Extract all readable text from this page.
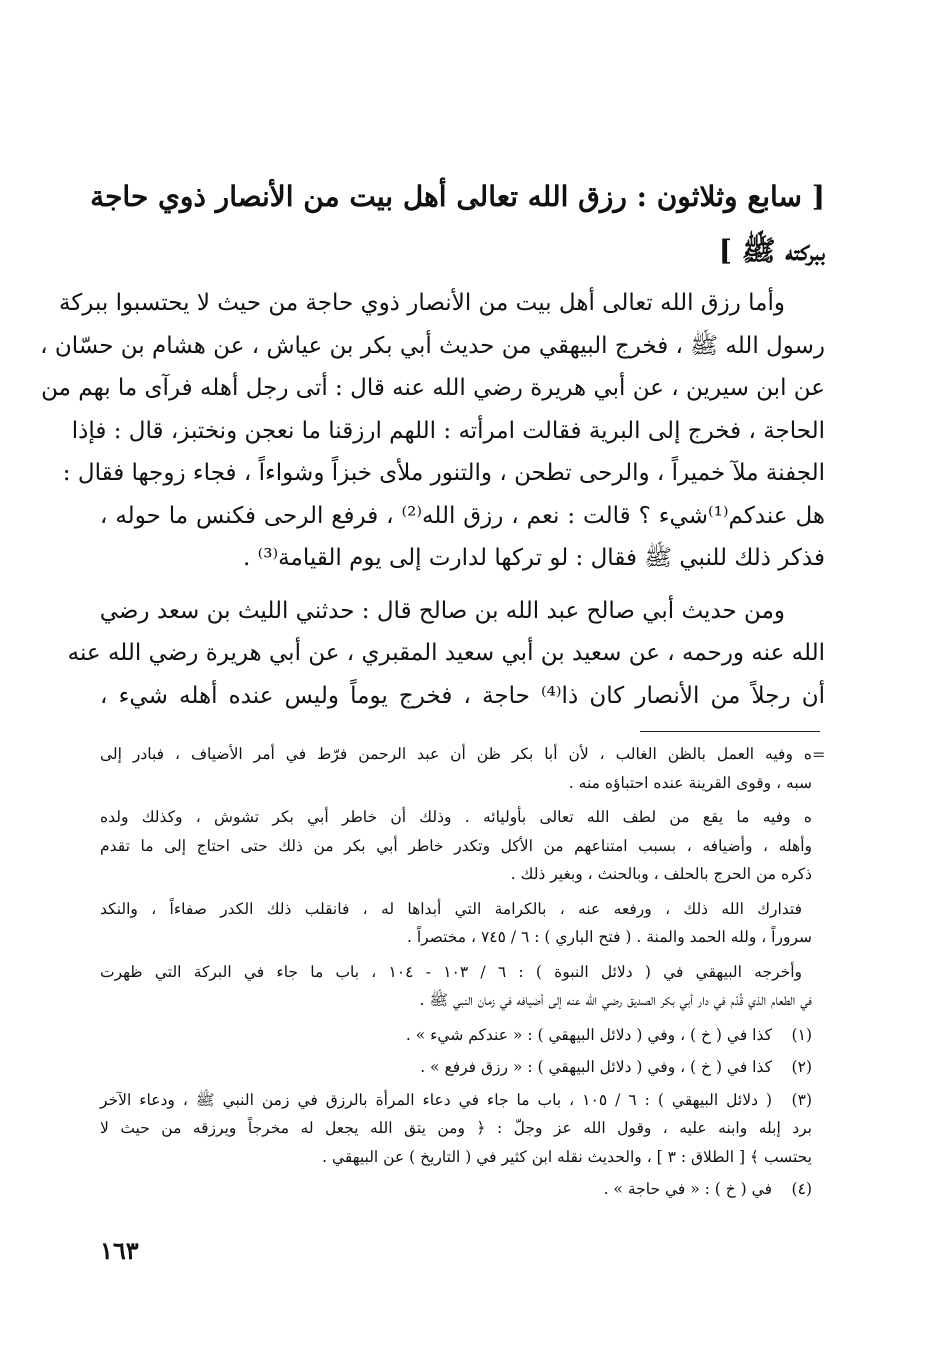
[ سابع وثلاثون : رزق الله تعالى أهل بيت من الأنصار ذوي حاجة
ببركته ﷺ ]

وأما رزق الله تعالى أهل بيت من الأنصار ذوي حاجة من حيث لا يحتسبوا ببركة
رسول الله ﷺ ، فخرج البيهقي من حديث أبي بكر بن عياش ، عن هشام بن حسّان ،
عن ابن سيرين ، عن أبي هريرة رضي الله عنه قال : أتى رجل أهله فرآى ما بهم من
الحاجة ، فخرج إلى البرية فقالت امرأته : اللهم ارزقنا ما نعجن ونختبز، قال : فإذا
الجفنة ملآ خميراً ، والرحى تطحن ، والتنور ملأى خبزاً وشواءاً ، فجاء زوجها فقال :
هل عندكم⁽¹⁾شيء ؟ قالت : نعم ، رزق الله⁽²⁾ ، فرفع الرحى فكنس ما حوله ،
فذكر ذلك للنبي ﷺ فقال : لو تركها لدارت إلى يوم القيامة⁽³⁾ .

ومن حديث أبي صالح عبد الله بن صالح قال : حدثني الليث بن سعد رضي
الله عنه ورحمه ، عن سعيد بن أبي سعيد المقبري ، عن أبي هريرة رضي الله عنه
أن رجلاً من الأنصار كان ذا⁽⁴⁾ حاجة ، فخرج يوماً وليس عنده أهله شيء ،

=
ه وفيه العمل بالظن الغالب ، لأن أبا بكر ظن أن عبد الرحمن فرّط في أمر الأضياف ، فبادر إلى
سبه ، وقوى القرينة عنده احتباؤه منه .
ه وفيه ما يقع من لطف الله تعالى بأوليائه . وذلك أن خاطر أبي بكر تشوش ، وكذلك ولده
وأهله ، وأضيافه ، بسبب امتناعهم من الأكل وتكدر خاطر أبي بكر من ذلك حتى احتاج إلى ما تقدم
ذكره من الحرج بالحلف ، وبالحنث ، وبغير ذلك .
فتدارك الله ذلك ، ورفعه عنه ، بالكرامة التي أبداها له ، فانقلب ذلك الكدر صفاءاً ، والنكد
سروراً ، ولله الحمد والمنة . ( فتح الباري ) : ٦ / ٧٤٥ ، مختصراً .
وأخرجه البيهقي في ( دلائل النبوة ) : ٦ / ١٠٣ - ١٠٤ ، باب ما جاء في البركة التي ظهرت
في الطعام الذي قُدّم في دار أبي بكر الصديق رضي الله عنه إلى أضيافه في زمان النبي ﷺ .
(١)
كذا في ( خ ) ، وفي ( دلائل البيهقي ) : « عندكم شيء » .
(٢)
كذا في ( خ ) ، وفي ( دلائل البيهقي ) : « رزق فرفع » .
(٣)
( دلائل البيهقي ) : ٦ / ١٠٥ ، باب ما جاء في دعاء المرأة بالرزق في زمن النبي ﷺ ، ودعاء الآخر
برد إبله وابنه عليه ، وقول الله عز وجلّ : ﴿ ومن يتق الله يجعل له مخرجاً ويرزقه من حيث لا
يحتسب ﴾ [ الطلاق : ٣ ] ، والحديث نقله ابن كثير في ( التاريخ ) عن البيهقي .
(٤)
في ( خ ) : « في حاجة » .
١٦٣
